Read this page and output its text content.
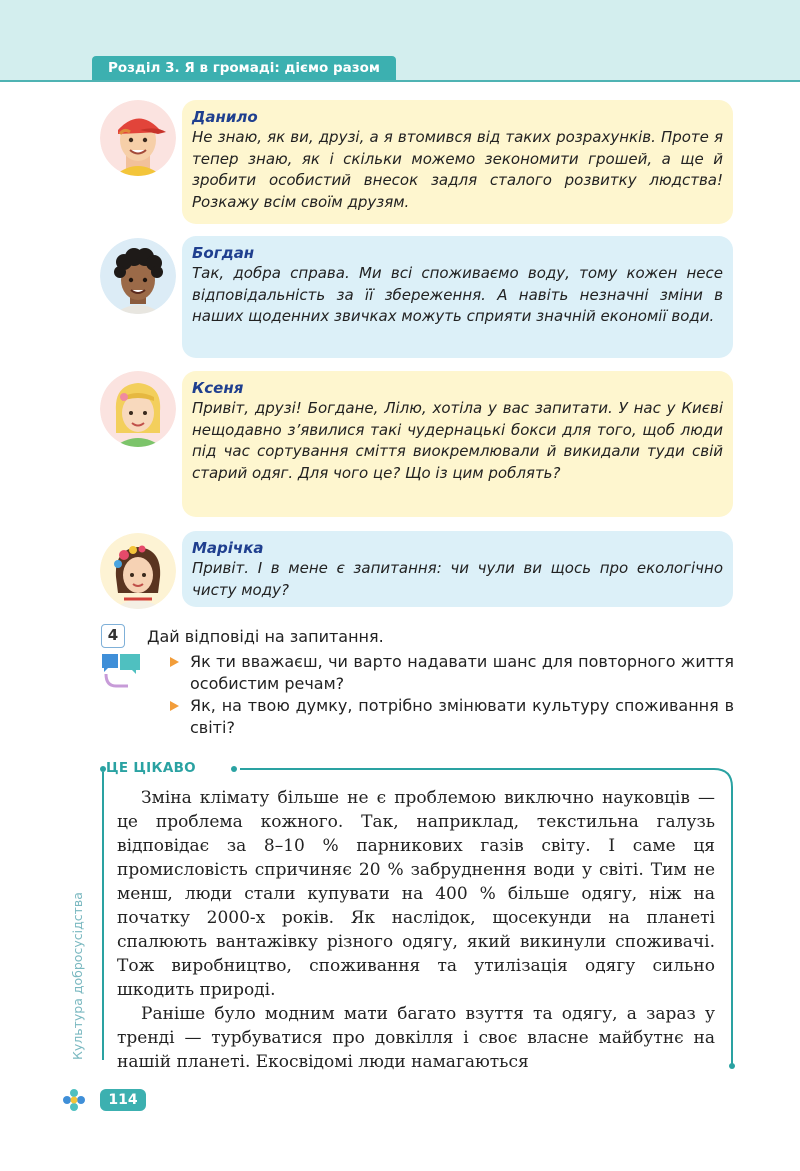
Розділ 3. Я в громаді: діємо разом
Данило

Не знаю, як ви, друзі, а я втомився від таких розрахунків. Проте я тепер знаю, як і скільки можемо зекономити грошей, а ще й зробити особистий внесок задля сталого розвитку людства! Розкажу всім своїм друзям.

Богдан

Так, добра справа. Ми всі споживаємо воду, тому кожен несе відповідальність за її збереження. А навіть незначні зміни в наших щоденних звичках можуть сприяти значній економії води.

Ксеня

Привіт, друзі! Богдане, Лілю, хотіла у вас запитати. У нас у Києві нещодавно з’явилися такі чудернацькі бокси для того, щоб люди під час сортування сміття виокремлювали й викидали туди свій старий одяг. Для чого це? Що із цим роблять?

Марічка

Привіт. І в мене є запитання: чи чули ви щось про екологічно чисту моду?

4	Дай відповіді на запитання.
Як ти вважаєш, чи варто надавати шанс для повторного життя особистим речам?
Як, на твою думку, потрібно змінювати культуру споживання в світі?
ЦЕ ЦІКАВО

Зміна клімату більше не є проблемою виключно науковців — це проблема кожного. Так, наприклад, текстильна галузь відповідає за 8–10 % парникових газів світу. І саме ця промисловість спричиняє 20 % забруднення води у світі. Тим не менш, люди стали купувати на 400 % більше одягу, ніж на початку 2000-х років. Як наслідок, щосекунди на планеті спалюють вантажівку різного одягу, який викинули споживачі. Тож виробництво, споживання та утилізація одягу сильно шкодить природі.

Раніше було модним мати багато взуття та одягу, а зараз у тренді — турбуватися про довкілля і своє власне майбутнє на нашій планеті. Екосвідомі люди намагаються

Культура добросусідства
114
